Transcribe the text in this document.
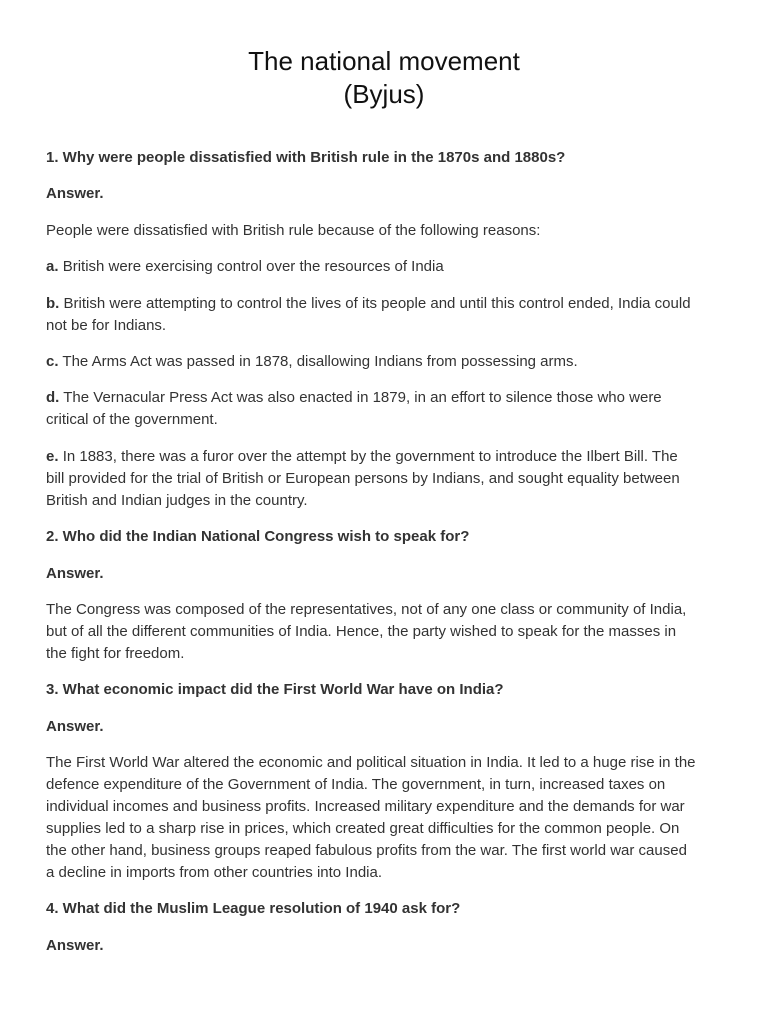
The national movement
(Byjus)

1. Why were people dissatisfied with British rule in the 1870s and 1880s?

Answer.

People were dissatisfied with British rule because of the following reasons:

a. British were exercising control over the resources of India

b. British were attempting to control the lives of its people and until this control ended, India could
not be for Indians.

c. The Arms Act was passed in 1878, disallowing Indians from possessing arms.

d. The Vernacular Press Act was also enacted in 1879, in an effort to silence those who were
critical of the government.

e. In 1883, there was a furor over the attempt by the government to introduce the Ilbert Bill. The
bill provided for the trial of British or European persons by Indians, and sought equality between
British and Indian judges in the country.

2. Who did the Indian National Congress wish to speak for?

Answer.

The Congress was composed of the representatives, not of any one class or community of India,
but of all the different communities of India. Hence, the party wished to speak for the masses in
the fight for freedom.

3. What economic impact did the First World War have on India?

Answer.

The First World War altered the economic and political situation in India. It led to a huge rise in the
defence expenditure of the Government of India. The government, in turn, increased taxes on
individual incomes and business profits. Increased military expenditure and the demands for war
supplies led to a sharp rise in prices, which created great difficulties for the common people. On
the other hand, business groups reaped fabulous profits from the war. The first world war caused
a decline in imports from other countries into India.

4. What did the Muslim League resolution of 1940 ask for?

Answer.
